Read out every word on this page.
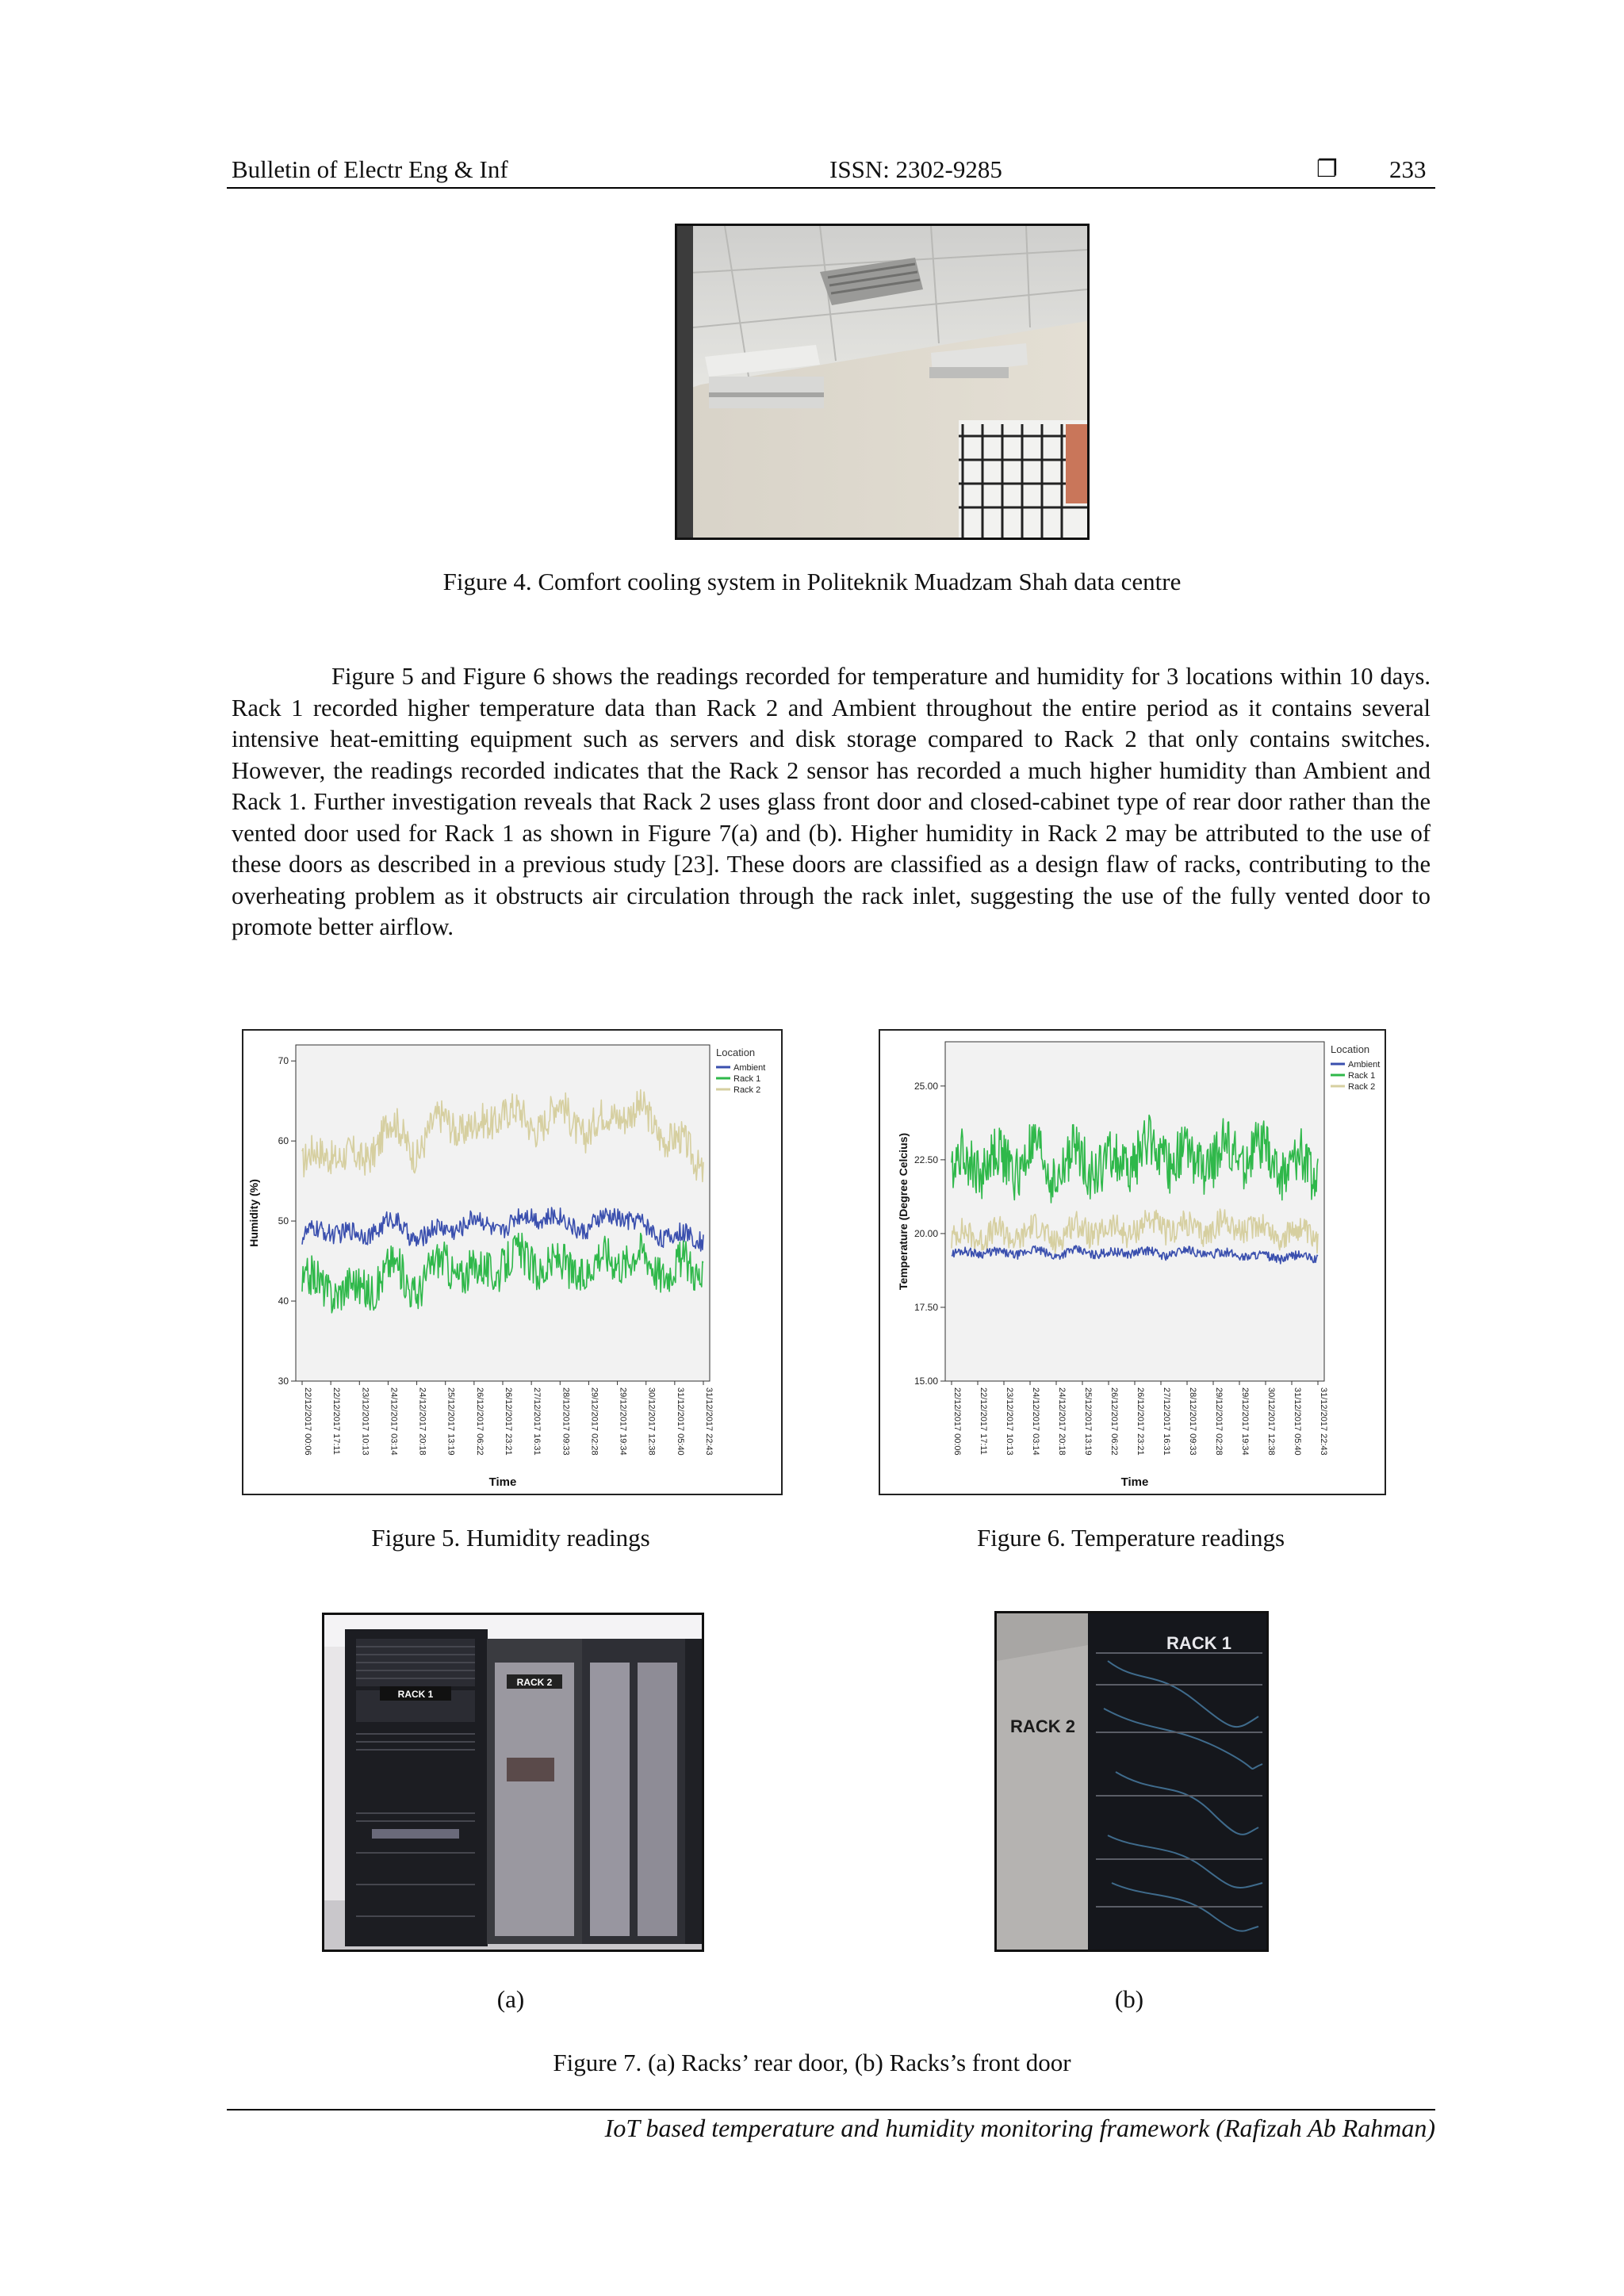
Bulletin of Electr Eng & Inf	ISSN: 2302-9285	❐ 233
Figure 4. Comfort cooling system in Politeknik Muadzam Shah data centre

Figure 5 and Figure 6 shows the readings recorded for temperature and humidity for 3 locations within 10 days. Rack 1 recorded higher temperature data than Rack 2 and Ambient throughout the entire period as it contains several intensive heat-emitting equipment such as servers and disk storage compared to Rack 2 that only contains switches. However, the readings recorded indicates that the Rack 2 sensor has recorded a much higher humidity than Ambient and Rack 1. Further investigation reveals that Rack 2 uses glass front door and closed-cabinet type of rear door rather than the vented door used for Rack 1 as shown in Figure 7(a) and (b). Higher humidity in Rack 2 may be attributed to the use of these doors as described in a previous study [23]. These doors are classified as a design flaw of racks, contributing to the overheating problem as it obstructs air circulation through the rack inlet, suggesting the use of the fully vented door to promote better airflow.

30
40
50
60
70
22/12/2017 00:06 22/12/2017 17:11 23/12/2017 10:13 24/12/2017 03:14 24/12/2017 20:18 25/12/2017 13:19 26/12/2017 06:22 26/12/2017 23:21 27/12/2017 16:31 28/12/2017 09:33 29/12/2017 02:28 29/12/2017 19:34 30/12/2017 12:38 31/12/2017 05:40 31/12/2017 22:43
Time
Humidity (%)
Location
Ambient
Rack 1
Rack 2
Figure 5. Humidity readings
15.00
17.50
20.00
22.50
25.00
22/12/2017 00:06 22/12/2017 17:11 23/12/2017 10:13 24/12/2017 03:14 24/12/2017 20:18 25/12/2017 13:19 26/12/2017 06:22 26/12/2017 23:21 27/12/2017 16:31 28/12/2017 09:33 29/12/2017 02:28 29/12/2017 19:34 30/12/2017 12:38 31/12/2017 05:40 31/12/2017 22:43
Time
Temperature (Degree Celcius)
Location
Ambient
Rack 1
Rack 2
Figure 6. Temperature readings
RACK 1
RACK 2
(a)
RACK 1
RACK 2
(b)
Figure 7. (a) Racks’ rear door, (b) Racks’s front door
IoT based temperature and humidity monitoring framework (Rafizah Ab Rahman)
